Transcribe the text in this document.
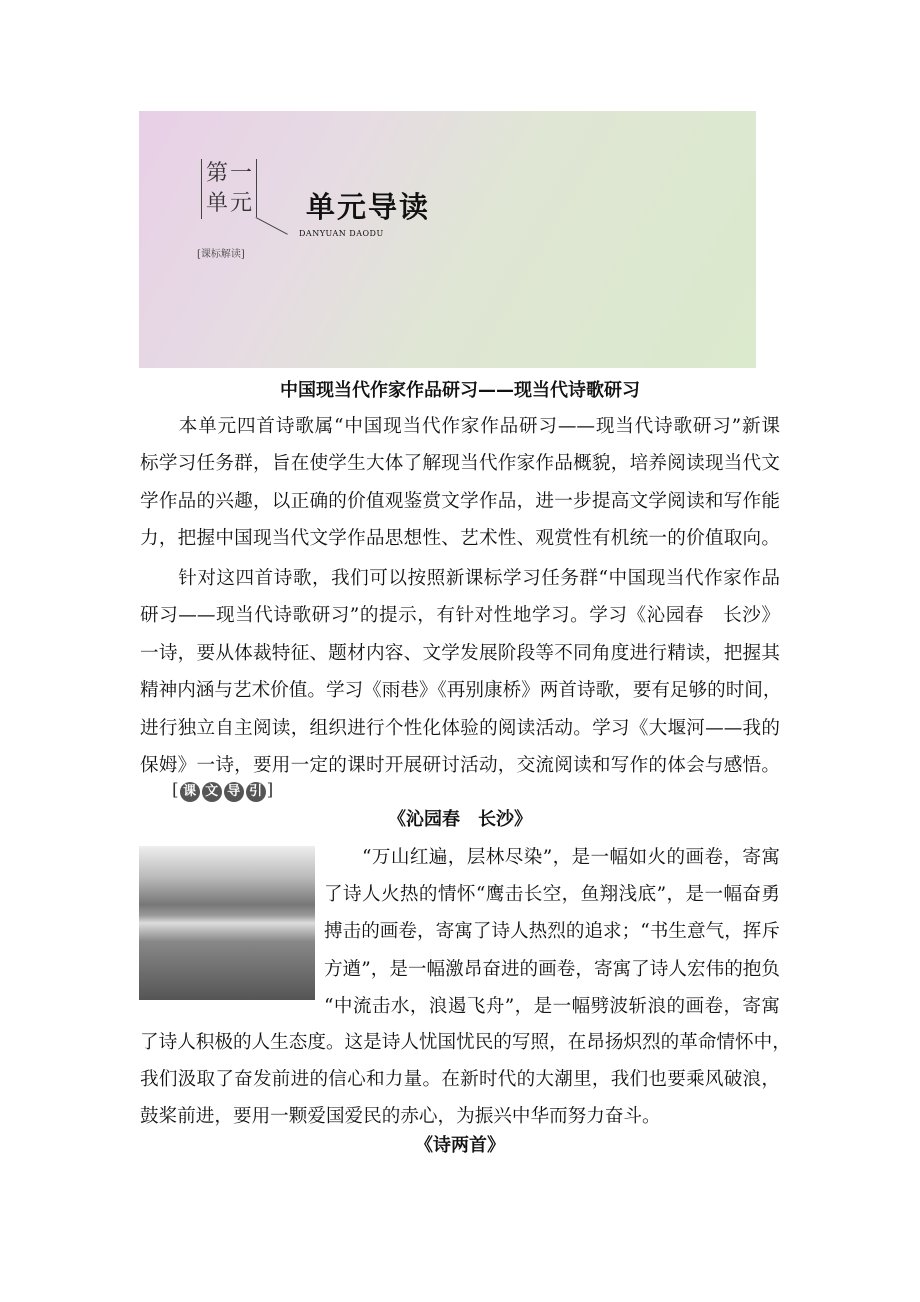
第一
单元 单元导读
DANYUAN DAODU
[课标解读]
中国现当代作家作品研习——现当代诗歌研习
　　本单元四首诗歌属“中国现当代作家作品研习——现当代诗歌研习”新课
标学习任务群，旨在使学生大体了解现当代作家作品概貌，培养阅读现当代文
学作品的兴趣，以正确的价值观鉴赏文学作品，进一步提高文学阅读和写作能
力，把握中国现当代文学作品思想性、艺术性、观赏性有机统一的价值取向。
　　针对这四首诗歌，我们可以按照新课标学习任务群“中国现当代作家作品
研习——现当代诗歌研习”的提示，有针对性地学习。学习《沁园春　长沙》
一诗，要从体裁特征、题材内容、文学发展阶段等不同角度进行精读，把握其
精神内涵与艺术价值。学习《雨巷》《再别康桥》两首诗歌，要有足够的时间，
进行独立自主阅读，组织进行个性化体验的阅读活动。学习《大堰河——我的
保姆》一诗，要用一定的课时开展研讨活动，交流阅读和写作的体会与感悟。
[ 课 文 导 引 ]
《沁园春　长沙》
　　“万山红遍，层林尽染”，是一幅如火的画卷，寄寓
了诗人火热的情怀“鹰击长空，鱼翔浅底”，是一幅奋勇
搏击的画卷，寄寓了诗人热烈的追求；“书生意气，挥斥
方遒”，是一幅激昂奋进的画卷，寄寓了诗人宏伟的抱负
“中流击水，浪遏飞舟”，是一幅劈波斩浪的画卷，寄寓
了诗人积极的人生态度。这是诗人忧国忧民的写照，在昂扬炽烈的革命情怀中，
我们汲取了奋发前进的信心和力量。在新时代的大潮里，我们也要乘风破浪，
鼓桨前进，要用一颗爱国爱民的赤心，为振兴中华而努力奋斗。
《诗两首》
